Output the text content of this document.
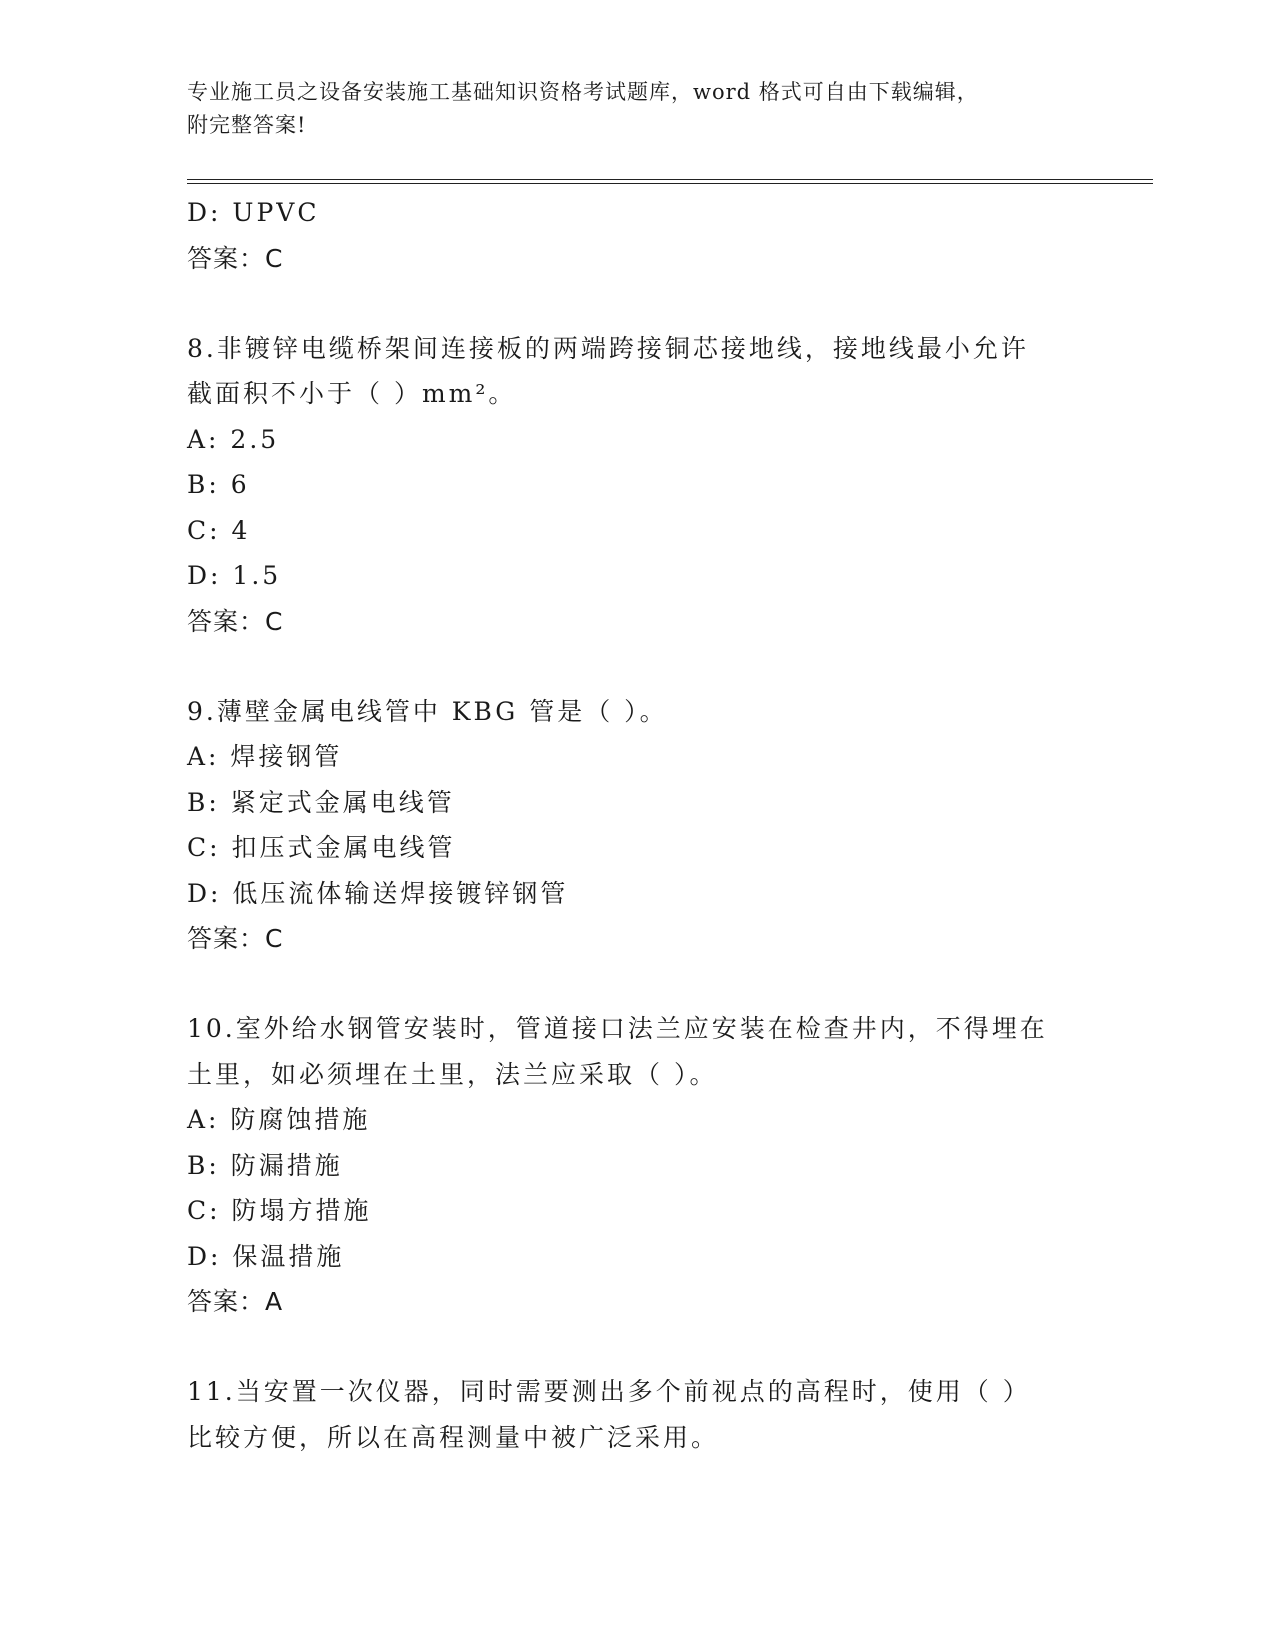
专业施工员之设备安装施工基础知识资格考试题库，word 格式可自由下载编辑，
附完整答案!
D: UPVC
答案：C
8.非镀锌电缆桥架间连接板的两端跨接铜芯接地线，接地线最小允许
截面积不小于（ ）mm²。
A: 2.5
B: 6
C: 4
D: 1.5
答案：C
9.薄壁金属电线管中 KBG 管是（ ）。
A: 焊接钢管
B: 紧定式金属电线管
C: 扣压式金属电线管
D: 低压流体输送焊接镀锌钢管
答案：C
10.室外给水钢管安装时，管道接口法兰应安装在检查井内，不得埋在
土里，如必须埋在土里，法兰应采取（ ）。
A: 防腐蚀措施
B: 防漏措施
C: 防塌方措施
D: 保温措施
答案：A
11.当安置一次仪器，同时需要测出多个前视点的高程时，使用（ ）
比较方便，所以在高程测量中被广泛采用。
